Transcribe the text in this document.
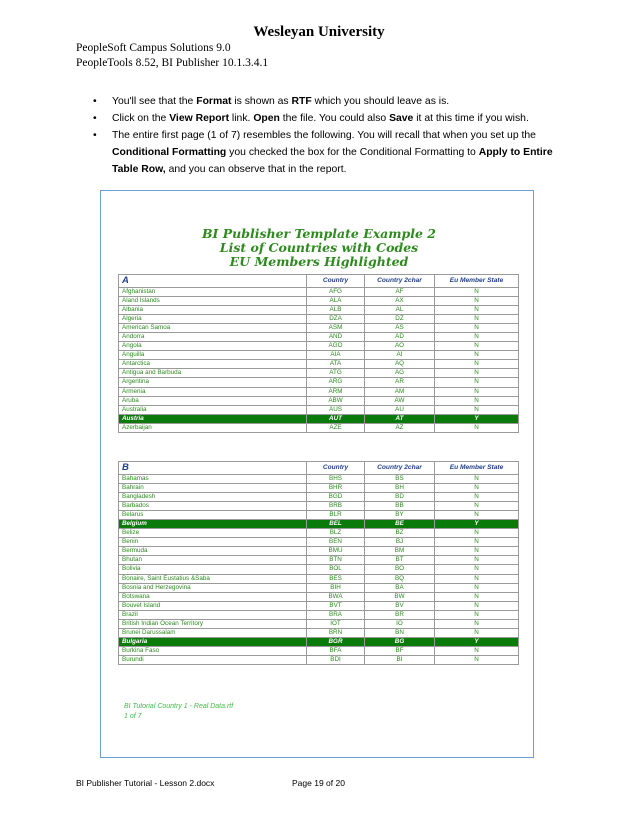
Wesleyan University
PeopleSoft Campus Solutions 9.0
PeopleTools 8.52, BI Publisher 10.1.3.4.1
• You'll see that the Format is shown as RTF which you should leave as is.
• Click on the View Report link. Open the file. You could also Save it at this time if you wish.
• The entire first page (1 of 7) resembles the following. You will recall that when you set up the Conditional Formatting you checked the box for the Conditional Formatting to Apply to Entire Table Row, and you can observe that in the report.
BI Publisher Template Example 2
List of Countries with Codes
EU Members Highlighted
A	Country	Country 2char	Eu Member State
Afghanistan	AFG	AF	N
Aland Islands	ALA	AX	N
Albania	ALB	AL	N
Algeria	DZA	DZ	N
American Samoa	ASM	AS	N
Andorra	AND	AD	N
Angola	AGO	AO	N
Anguilla	AIA	AI	N
Antarctica	ATA	AQ	N
Antigua and Barbuda	ATG	AG	N
Argentina	ARG	AR	N
Armenia	ARM	AM	N
Aruba	ABW	AW	N
Australia	AUS	AU	N
Austria	AUT	AT	Y
Azerbaijan	AZE	AZ	N
B	Country	Country 2char	Eu Member State
Bahamas	BHS	BS	N
Bahrain	BHR	BH	N
Bangladesh	BGD	BD	N
Barbados	BRB	BB	N
Belarus	BLR	BY	N
Belgium	BEL	BE	Y
Belize	BLZ	BZ	N
Benin	BEN	BJ	N
Bermuda	BMU	BM	N
Bhutan	BTN	BT	N
Bolivia	BOL	BO	N
Bonaire, Saint Eustatius &Saba	BES	BQ	N
Bosnia and Herzegovina	BIH	BA	N
Botswana	BWA	BW	N
Bouvet Island	BVT	BV	N
Brazil	BRA	BR	N
British Indian Ocean Territory	IOT	IO	N
Brunei Darussalam	BRN	BN	N
Bulgaria	BGR	BG	Y
Burkina Faso	BFA	BF	N
Burundi	BDI	BI	N
BI Tutorial Country 1 - Real Data.rtf
1 of 7
BI Publisher Tutorial - Lesson 2.docx	Page 19 of 20
